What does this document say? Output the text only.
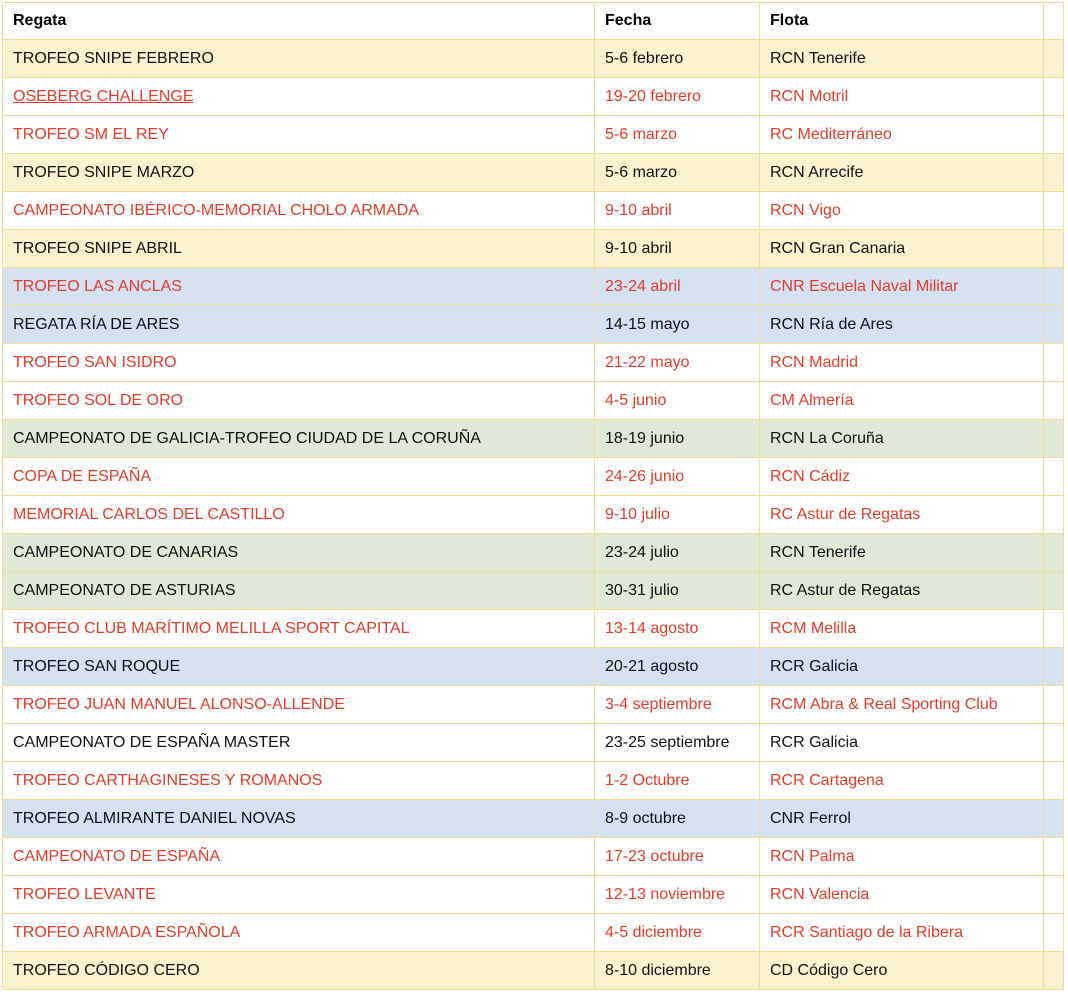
Regata	Fecha	Flota	
TROFEO SNIPE FEBRERO	5-6 febrero	RCN Tenerife	
OSEBERG CHALLENGE	19-20 febrero	RCN Motril	
TROFEO SM EL REY	5-6 marzo	RC Mediterráneo	
TROFEO SNIPE MARZO	5-6 marzo	RCN Arrecife	
CAMPEONATO IBÉRICO-MEMORIAL CHOLO ARMADA	9-10 abril	RCN Vigo	
TROFEO SNIPE ABRIL	9-10 abril	RCN Gran Canaria	
TROFEO LAS ANCLAS	23-24 abril	CNR Escuela Naval Militar	
REGATA RÍA DE ARES	14-15 mayo	RCN Ría de Ares	
TROFEO SAN ISIDRO	21-22 mayo	RCN Madrid	
TROFEO SOL DE ORO	4-5 junio	CM Almería	
CAMPEONATO DE GALICIA-TROFEO CIUDAD DE LA CORUÑA	18-19 junio	RCN La Coruña	
COPA DE ESPAÑA	24-26 junio	RCN Cádiz	
MEMORIAL CARLOS DEL CASTILLO	9-10 julio	RC Astur de Regatas	
CAMPEONATO DE CANARIAS	23-24 julio	RCN Tenerife	
CAMPEONATO DE ASTURIAS	30-31 julio	RC Astur de Regatas	
TROFEO CLUB MARÍTIMO MELILLA SPORT CAPITAL	13-14 agosto	RCM Melilla	
TROFEO SAN ROQUE	20-21 agosto	RCR Galicia	
TROFEO JUAN MANUEL ALONSO-ALLENDE	3-4 septiembre	RCM Abra & Real Sporting Club	
CAMPEONATO DE ESPAÑA MASTER	23-25 septiembre	RCR Galicia	
TROFEO CARTHAGINESES Y ROMANOS	1-2 Octubre	RCR Cartagena	
TROFEO ALMIRANTE DANIEL NOVAS	8-9 octubre	CNR Ferrol	
CAMPEONATO DE ESPAÑA	17-23 octubre	RCN Palma	
TROFEO LEVANTE	12-13 noviembre	RCN Valencia	
TROFEO ARMADA ESPAÑOLA	4-5 diciembre	RCR Santiago de la Ribera	
TROFEO CÓDIGO CERO	8-10 diciembre	CD Código Cero	
